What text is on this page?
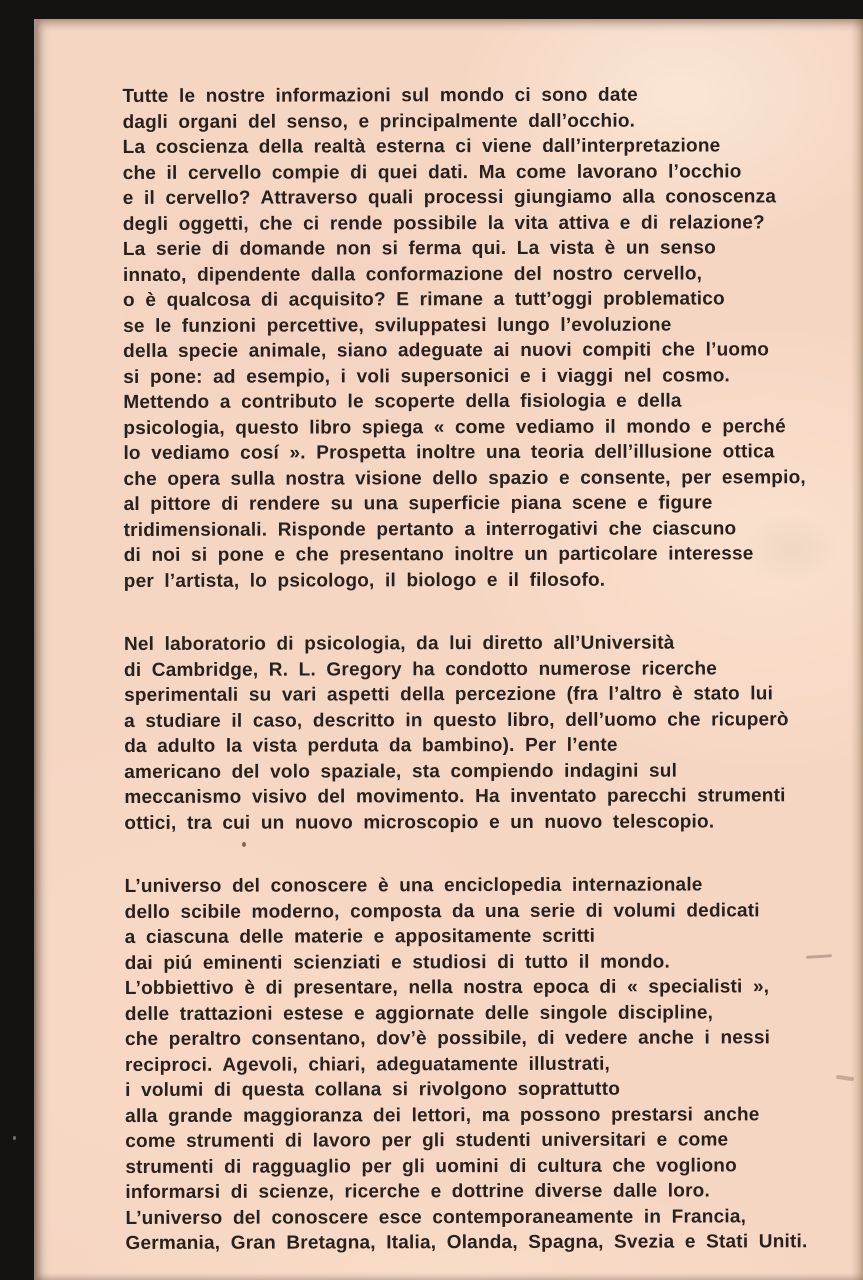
Tutte le nostre informazioni sul mondo ci sono date
dagli organi del senso, e principalmente dall’occhio.
La coscienza della realtà esterna ci viene dall’interpretazione
che il cervello compie di quei dati. Ma come lavorano l’occhio
e il cervello? Attraverso quali processi giungiamo alla conoscenza
degli oggetti, che ci rende possibile la vita attiva e di relazione?
La serie di domande non si ferma qui. La vista è un senso
innato, dipendente dalla conformazione del nostro cervello,
o è qualcosa di acquisito? E rimane a tutt’oggi problematico
se le funzioni percettive, sviluppatesi lungo l’evoluzione
della specie animale, siano adeguate ai nuovi compiti che l’uomo
si pone: ad esempio, i voli supersonici e i viaggi nel cosmo.
Mettendo a contributo le scoperte della fisiologia e della
psicologia, questo libro spiega « come vediamo il mondo e perché
lo vediamo cosí ». Prospetta inoltre una teoria dell’illusione ottica
che opera sulla nostra visione dello spazio e consente, per esempio,
al pittore di rendere su una superficie piana scene e figure
tridimensionali. Risponde pertanto a interrogativi che ciascuno
di noi si pone e che presentano inoltre un particolare interesse
per l’artista, lo psicologo, il biologo e il filosofo.
Nel laboratorio di psicologia, da lui diretto all’Università
di Cambridge, R. L. Gregory ha condotto numerose ricerche
sperimentali su vari aspetti della percezione (fra l’altro è stato lui
a studiare il caso, descritto in questo libro, dell’uomo che ricuperò
da adulto la vista perduta da bambino). Per l’ente
americano del volo spaziale, sta compiendo indagini sul
meccanismo visivo del movimento. Ha inventato parecchi strumenti
ottici, tra cui un nuovo microscopio e un nuovo telescopio.
L’universo del conoscere è una enciclopedia internazionale
dello scibile moderno, composta da una serie di volumi dedicati
a ciascuna delle materie e appositamente scritti
dai piú eminenti scienziati e studiosi di tutto il mondo.
L’obbiettivo è di presentare, nella nostra epoca di « specialisti »,
delle trattazioni estese e aggiornate delle singole discipline,
che peraltro consentano, dov’è possibile, di vedere anche i nessi
reciproci. Agevoli, chiari, adeguatamente illustrati,
i volumi di questa collana si rivolgono soprattutto
alla grande maggioranza dei lettori, ma possono prestarsi anche
come strumenti di lavoro per gli studenti universitari e come
strumenti di ragguaglio per gli uomini di cultura che vogliono
informarsi di scienze, ricerche e dottrine diverse dalle loro.
L’universo del conoscere esce contemporaneamente in Francia,
Germania, Gran Bretagna, Italia, Olanda, Spagna, Svezia e Stati Uniti.
